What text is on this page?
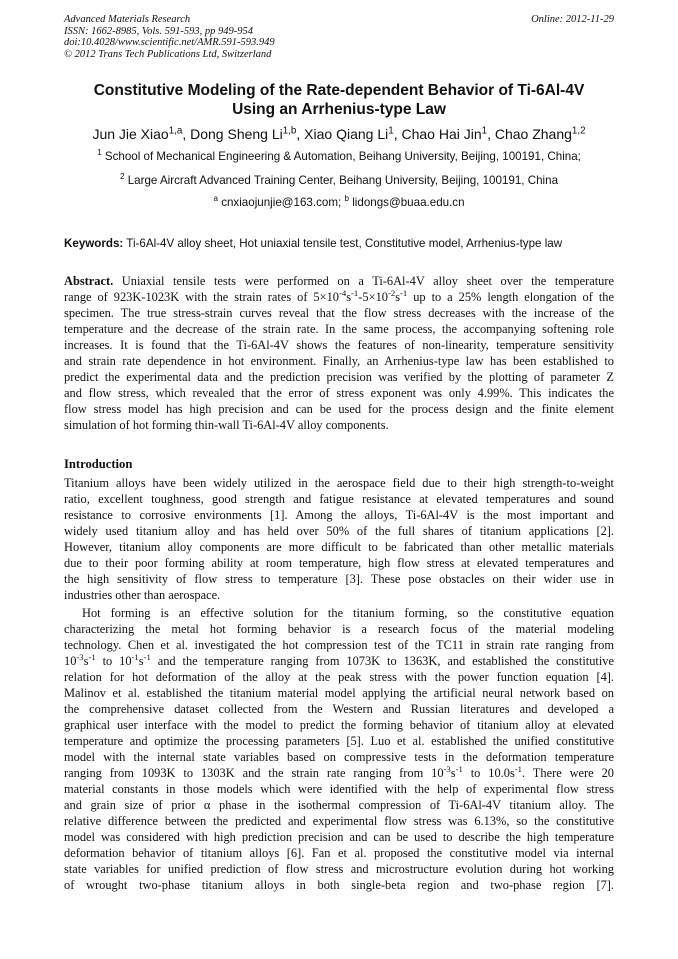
Advanced Materials Research
ISSN: 1662-8985, Vols. 591-593, pp 949-954
doi:10.4028/www.scientific.net/AMR.591-593.949
© 2012 Trans Tech Publications Ltd, Switzerland
Online: 2012-11-29
Constitutive Modeling of the Rate-dependent Behavior of Ti-6Al-4V
Using an Arrhenius-type Law
Jun Jie Xiao$^{1,a}$, Dong Sheng Li$^{1,b}$, Xiao Qiang Li$^1$, Chao Hai Jin$^1$, Chao Zhang$^{1,2}$
$^1$ School of Mechanical Engineering & Automation, Beihang University, Beijing, 100191, China;
$^2$ Large Aircraft Advanced Training Center, Beihang University, Beijing, 100191, China
$^a$ cnxiaojunjie@163.com; $^b$ lidongs@buaa.edu.cn
Keywords: Ti-6Al-4V alloy sheet, Hot uniaxial tensile test, Constitutive model, Arrhenius-type law
Abstract. Uniaxial tensile tests were performed on a Ti-6Al-4V alloy sheet over the temperature
range of 923K-1023K with the strain rates of $5\times 10^{-4}s^{-1}-5\times 10^{-2}s^{-1}$ up to a 25% length elongation of the
specimen. The true stress-strain curves reveal that the flow stress decreases with the increase of the
temperature and the decrease of the strain rate. In the same process, the accompanying softening role
increases. It is found that the Ti-6Al-4V shows the features of non-linearity, temperature sensitivity
and strain rate dependence in hot environment. Finally, an Arrhenius-type law has been established to
predict the experimental data and the prediction precision was verified by the plotting of parameter Z
and flow stress, which revealed that the error of stress exponent was only 4.99%. This indicates the
flow stress model has high precision and can be used for the process design and the finite element
simulation of hot forming thin-wall Ti-6Al-4V alloy components.
Introduction
Titanium alloys have been widely utilized in the aerospace field due to their high strength-to-weight
ratio, excellent toughness, good strength and fatigue resistance at elevated temperatures and sound
resistance to corrosive environments [1]. Among the alloys, Ti-6Al-4V is the most important and
widely used titanium alloy and has held over 50% of the full shares of titanium applications [2].
However, titanium alloy components are more difficult to be fabricated than other metallic materials
due to their poor forming ability at room temperature, high flow stress at elevated temperatures and
the high sensitivity of flow stress to temperature [3]. These pose obstacles on their wider use in
industries other than aerospace.
Hot forming is an effective solution for the titanium forming, so the constitutive equation
characterizing the metal hot forming behavior is a research focus of the material modeling
technology. Chen et al. investigated the hot compression test of the TC11 in strain rate ranging from
$10^{-3}s^{-1}$ to $10^{-1}s^{-1}$ and the temperature ranging from 1073K to 1363K, and established the constitutive
relation for hot deformation of the alloy at the peak stress with the power function equation [4].
Malinov et al. established the titanium material model applying the artificial neural network based on
the comprehensive dataset collected from the Western and Russian literatures and developed a
graphical user interface with the model to predict the forming behavior of titanium alloy at elevated
temperature and optimize the processing parameters [5]. Luo et al. established the unified constitutive
model with the internal state variables based on compressive tests in the deformation temperature
ranging from 1093K to 1303K and the strain rate ranging from $10^{-3}s^{-1}$ to $10.0s^{-1}$. There were 20
material constants in those models which were identified with the help of experimental flow stress
and grain size of prior α phase in the isothermal compression of Ti-6Al-4V titanium alloy. The
relative difference between the predicted and experimental flow stress was 6.13%, so the constitutive
model was considered with high prediction precision and can be used to describe the high temperature
deformation behavior of titanium alloys [6]. Fan et al. proposed the constitutive model via internal
state variables for unified prediction of flow stress and microstructure evolution during hot working
of wrought two-phase titanium alloys in both single-beta region and two-phase region [7].
